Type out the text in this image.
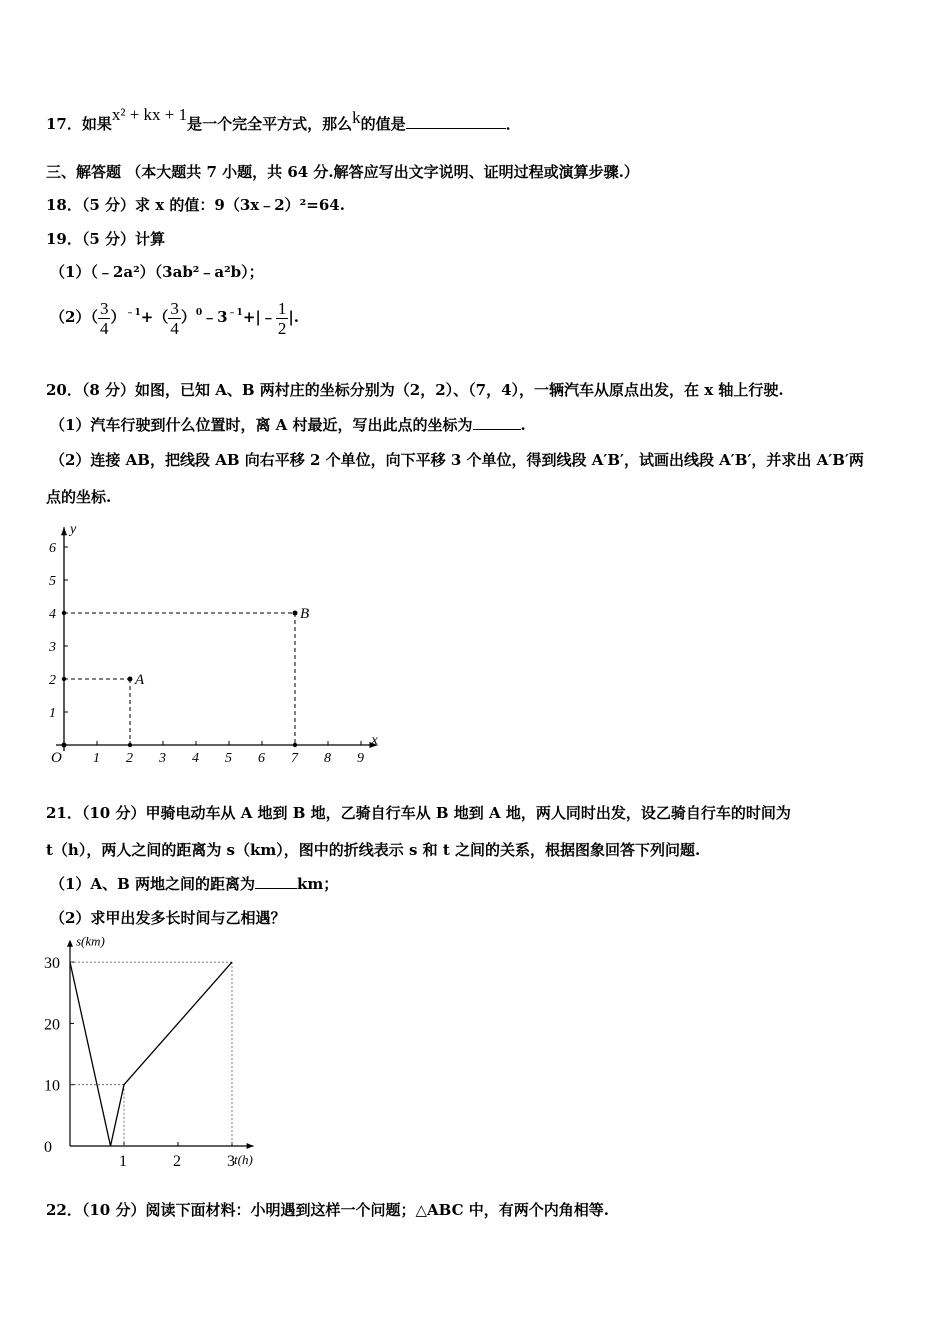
17．如果x² + kx + 1是一个完全平方式，那么k的值是	．
三、解答题 （本大题共 7 小题，共 64 分.解答应写出文字说明、证明过程或演算步骤.）
18．（5 分）求 x 的值：9（3x﹣2）²=64.
19．（5 分）计算
（1）（﹣2a²）（3ab²﹣a²b）；
$(2)( \frac{3}{4} )^{﹣1}+( \frac{3}{4}$ ）$^0﹣3^{﹣1}+|﹣ \frac{1}{2}$ |.
20．（8 分）如图，已知 A、B 两村庄的坐标分别为（2，2）、（7，4），一辆汽车从原点出发，在 x 轴上行驶.
（1）汽车行驶到什么位置时，离 A 村最近，写出此点的坐标为	.
（2）连接 AB，把线段 AB 向右平移 2 个单位，向下平移 3 个单位，得到线段 A′B′，试画出线段 A′B′，并求出 A′B′两
点的坐标.
x
y
O 1 2 3 4 5 6 7 8 9
1
2
3
4
5
6
A
B
21．（10 分）甲骑电动车从 A 地到 B 地，乙骑自行车从 B 地到 A 地，两人同时出发，设乙骑自行车的时间为
t（h），两人之间的距离为 s（km），图中的折线表示 s 和 t 之间的关系，根据图象回答下列问题.
（1）A、B 两地之间的距离为	km；
（2）求甲出发多长时间与乙相遇？
s(km)
t(h)
0
10
20
30
1	2	3
22．（10 分）阅读下面材料：小明遇到这样一个问题；△ABC 中，有两个内角相等.
